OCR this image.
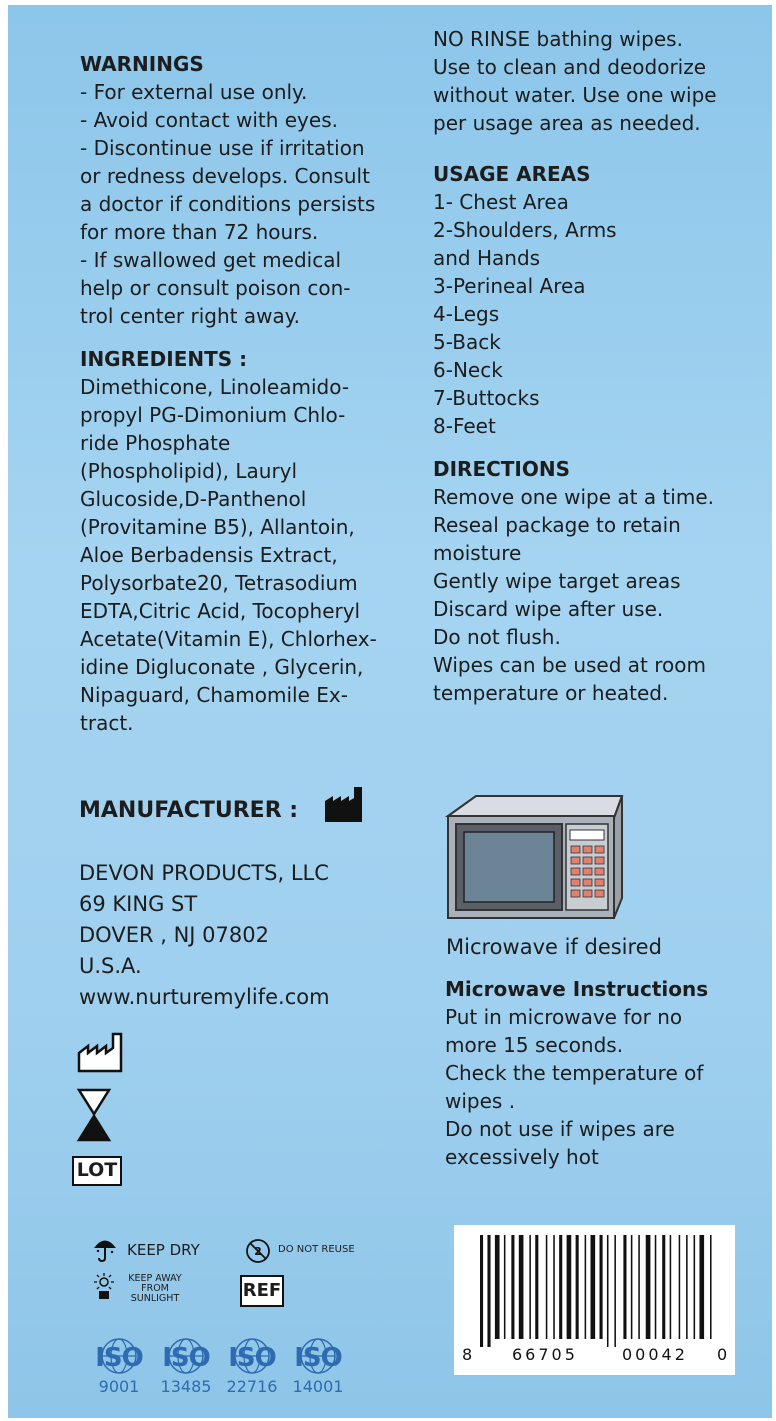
WARNINGS
- For external use only.
- Avoid contact with eyes.
- Discontinue use if irritation
or redness develops. Consult
a doctor if conditions persists
for more than 72 hours.
- If swallowed get medical
help or consult poison con-
trol center right away.
INGREDIENTS :
Dimethicone, Linoleamido-
propyl PG-Dimonium Chlo-
ride Phosphate
(Phospholipid), Lauryl
Glucoside,D-Panthenol
(Provitamine B5), Allantoin,
Aloe Berbadensis Extract,
Polysorbate20, Tetrasodium
EDTA,Citric Acid, Tocopheryl
Acetate(Vitamin E), Chlorhex-
idine Digluconate , Glycerin,
Nipaguard, Chamomile Ex-
tract.
NO RINSE bathing wipes.
Use to clean and deodorize
without water. Use one wipe
per usage area as needed.
USAGE AREAS
1- Chest Area
2-Shoulders, Arms
and Hands
3-Perineal Area
4-Legs
5-Back
6-Neck
7-Buttocks
8-Feet
DIRECTIONS
Remove one wipe at a time.
Reseal package to retain
moisture
Gently wipe target areas
Discard wipe after use.
Do not flush.
Wipes can be used at room
temperature or heated.
MANUFACTURER :
DEVON PRODUCTS, LLC
69 KING ST
DOVER , NJ 07802
U.S.A.
www.nurturemylife.com
LOT
KEEP DRY	2 DO NOT REUSE
KEEP AWAY
FROM
SUNLIGHT	REF
ISO
9001
ISO
13485
ISO
22716
ISO
14001
Microwave if desired
Microwave Instructions
Put in microwave for no
more 15 seconds.
Check the temperature of
wipes .
Do not use if wipes are
excessively hot
8 66705	00042 0
